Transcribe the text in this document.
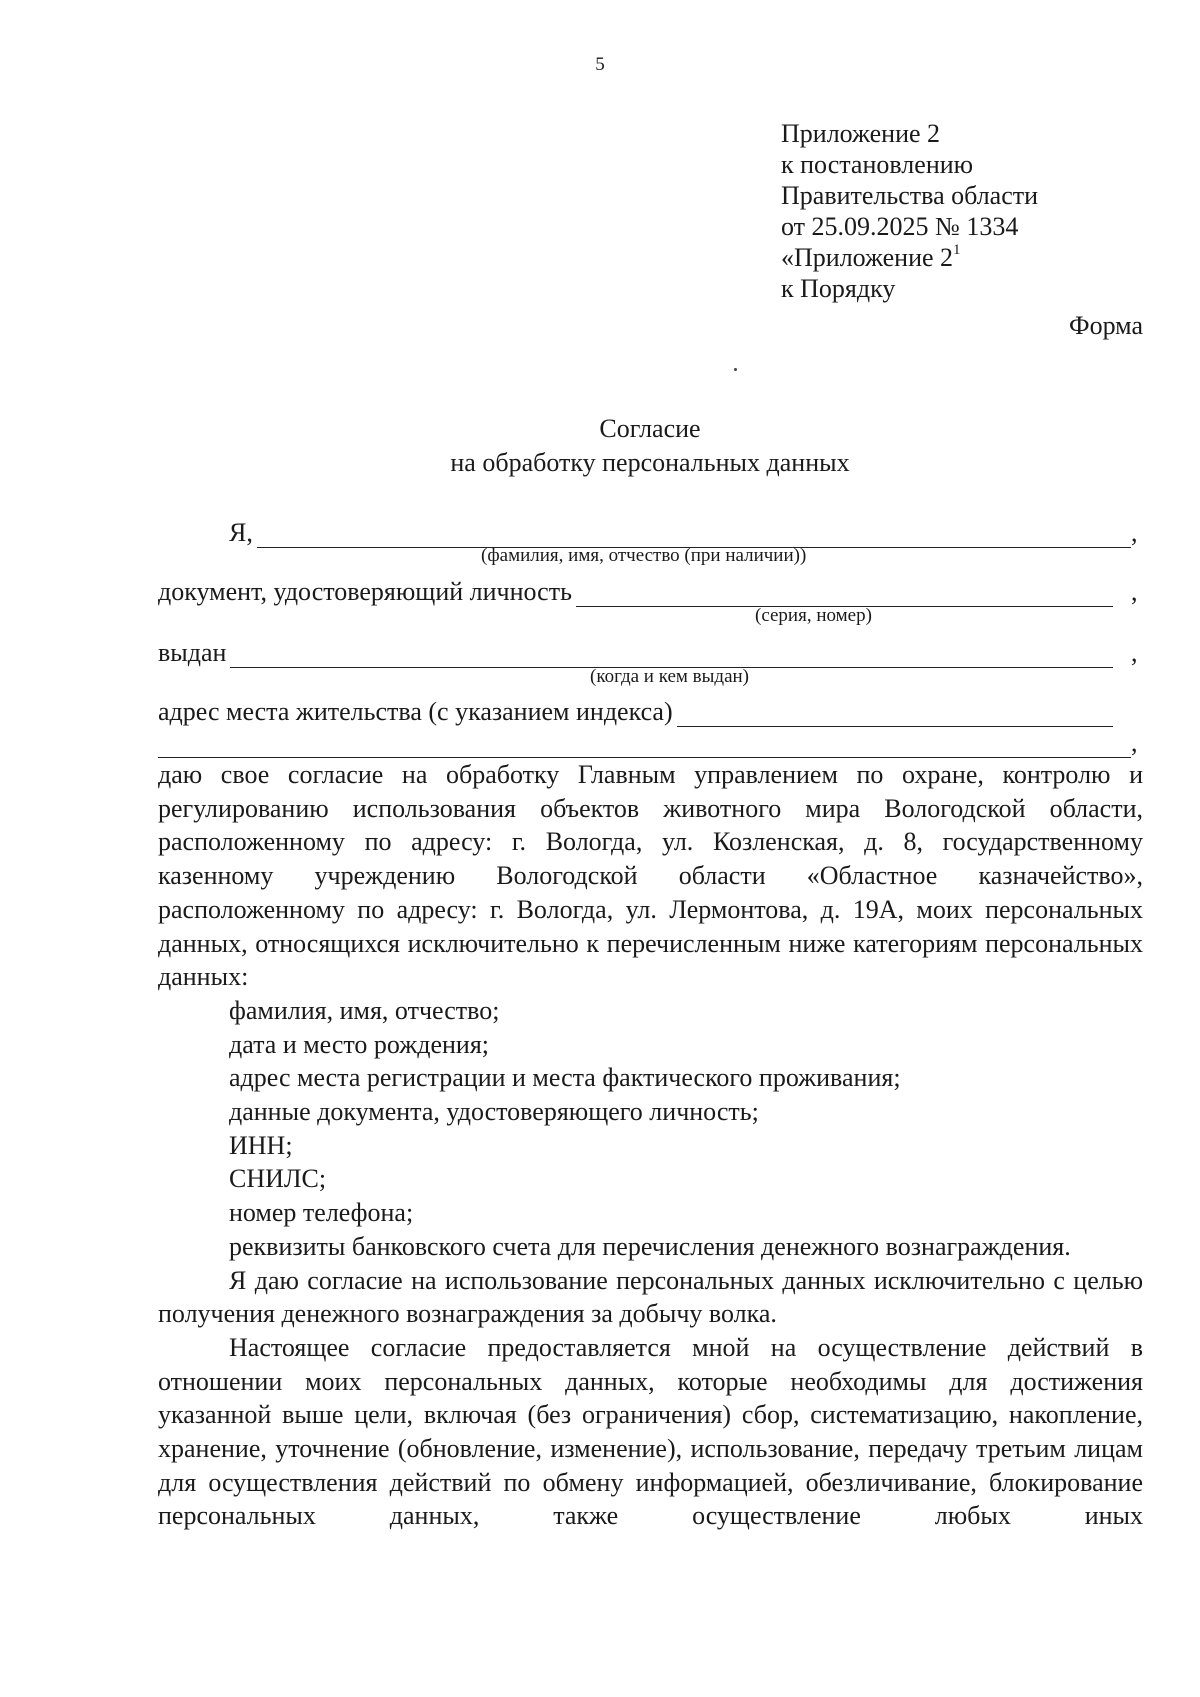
5
Приложение 2
к постановлению
Правительства области
от 25.09.2025 № 1334
«Приложение $2^1$
к Порядку
Форма
Согласие
на обработку персональных данных
Я,	,
(фамилия, имя, отчество (при наличии))
документ, удостоверяющий личность	,
(серия, номер)
выдан	,
(когда и кем выдан)
адрес места жительства (с указанием индекса)
,

даю свое согласие на обработку Главным управлением по охране, контролю и регулированию использования объектов животного мира Вологодской области, расположенному по адресу: г. Вологда, ул. Козленская, д. 8, государственному казенному учреждению Вологодской области «Областное казначейство», расположенному по адресу: г. Вологда, ул. Лермонтова, д. 19А, моих персональных данных, относящихся исключительно к перечисленным ниже категориям персональных данных:

фамилия, имя, отчество;

дата и место рождения;

адрес места регистрации и места фактического проживания;

данные документа, удостоверяющего личность;

ИНН;

СНИЛС;

номер телефона;

реквизиты банковского счета для перечисления денежного вознаграждения.

Я даю согласие на использование персональных данных исключительно с целью получения денежного вознаграждения за добычу волка.

Настоящее согласие предоставляется мной на осуществление действий в отношении моих персональных данных, которые необходимы для достижения указанной выше цели, включая (без ограничения) сбор, систематизацию, накопление, хранение, уточнение (обновление, изменение), использование, передачу третьим лицам для осуществления действий по обмену информацией, обезличивание, блокирование персональных данных, также осуществление любых иных
